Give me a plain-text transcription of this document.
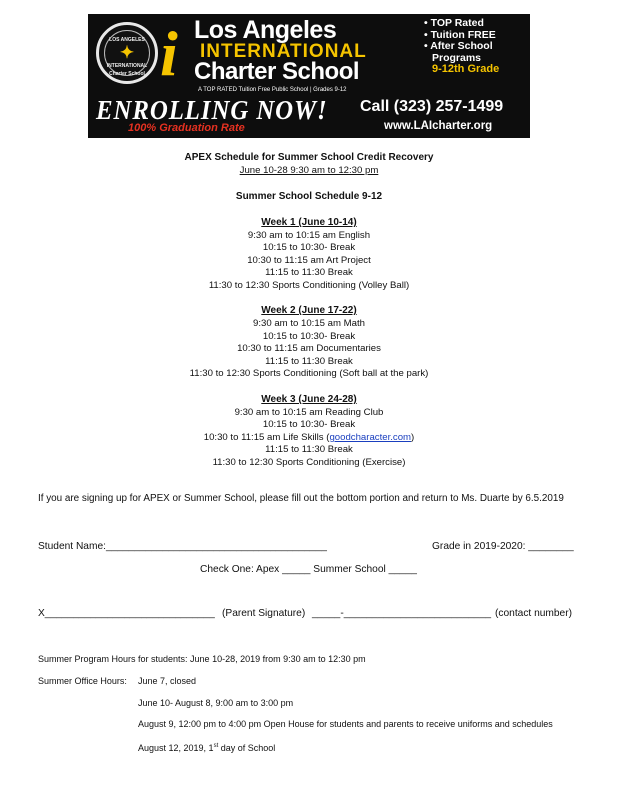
LOS ANGELES
✦
INTERNATIONAL
Charter School i Los Angeles
INTERNATIONAL
Charter School
A TOP RATED Tuition Free Public School | Grades 9-12
• TOP Rated
• Tuition FREE
• After School
Programs
9-12th Grade
ENROLLING NOW!
100% Graduation Rate
Call (323) 257-1499
www.LAIcharter.org
APEX Schedule for Summer School Credit Recovery
June 10-28 9:30 am to 12:30 pm
Summer School Schedule 9-12
Week 1 (June 10-14)
9:30 am to 10:15 am English
10:15 to 10:30- Break
10:30 to 11:15 am Art Project
11:15 to 11:30 Break
11:30 to 12:30 Sports Conditioning (Volley Ball)
Week 2 (June 17-22)
9:30 am to 10:15 am Math
10:15 to 10:30- Break
10:30 to 11:15 am Documentaries
11:15 to 11:30 Break
11:30 to 12:30 Sports Conditioning (Soft ball at the park)
Week 3 (June 24-28)
9:30 am to 10:15 am Reading Club
10:15 to 10:30- Break
10:30 to 11:15 am Life Skills (goodcharacter.com)
11:15 to 11:30 Break
11:30 to 12:30 Sports Conditioning (Exercise)
If you are signing up for APEX or Summer School, please fill out the bottom portion and return to Ms. Duarte by 6.5.2019
Student Name:_______________________________________	Grade in 2019-2020: ________
Check One: Apex _____ Summer School _____
X______________________________ (Parent Signature) _____-__________________________ (contact number)
Summer Program Hours for students: June 10-28, 2019 from 9:30 am to 12:30 pm
Summer Office Hours: June 7, closed
June 10- August 8, 9:00 am to 3:00 pm
August 9, 12:00 pm to 4:00 pm Open House for students and parents to receive uniforms and schedules
August 12, 2019, 1st day of School
